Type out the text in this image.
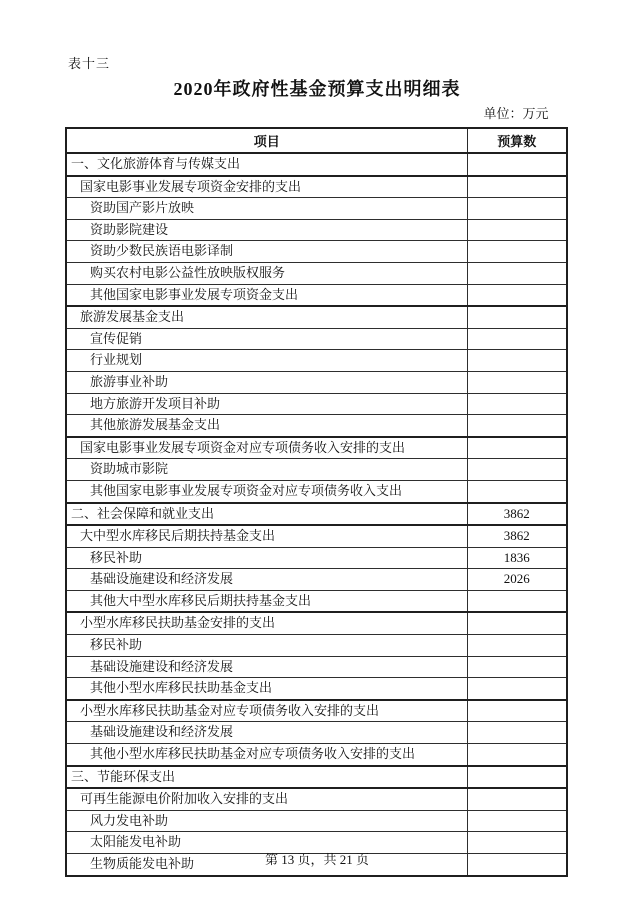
表十三
2020年政府性基金预算支出明细表
单位：万元
项目	预算数
一、文化旅游体育与传媒支出	
国家电影事业发展专项资金安排的支出	
资助国产影片放映	
资助影院建设	
资助少数民族语电影译制	
购买农村电影公益性放映版权服务	
其他国家电影事业发展专项资金支出	
旅游发展基金支出	
宣传促销	
行业规划	
旅游事业补助	
地方旅游开发项目补助	
其他旅游发展基金支出	
国家电影事业发展专项资金对应专项债务收入安排的支出	
资助城市影院	
其他国家电影事业发展专项资金对应专项债务收入支出	
二、社会保障和就业支出	3862
大中型水库移民后期扶持基金支出	3862
移民补助	1836
基础设施建设和经济发展	2026
其他大中型水库移民后期扶持基金支出	
小型水库移民扶助基金安排的支出	
移民补助	
基础设施建设和经济发展	
其他小型水库移民扶助基金支出	
小型水库移民扶助基金对应专项债务收入安排的支出	
基础设施建设和经济发展	
其他小型水库移民扶助基金对应专项债务收入安排的支出	
三、节能环保支出	
可再生能源电价附加收入安排的支出	
风力发电补助	
太阳能发电补助	
生物质能发电补助		第 13 页，共 21 页
